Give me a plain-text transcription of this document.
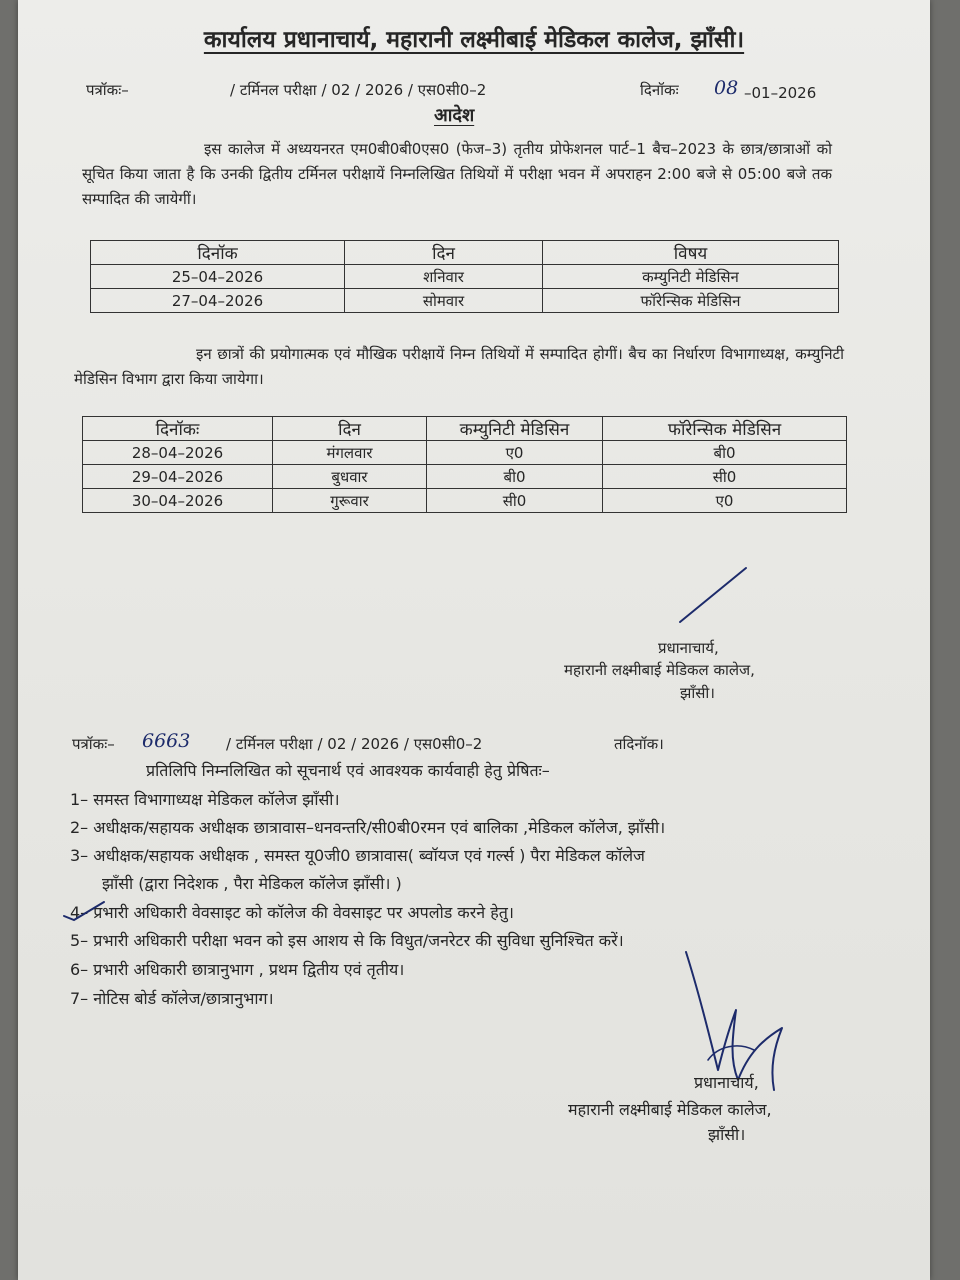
कार्यालय प्रधानाचार्य, महारानी लक्ष्मीबाई मेडिकल कालेज, झाँसी।
पत्रॉकः–	/ टर्मिनल परीक्षा / 02 / 2026 / एस0सी0–2	दिनॉकः 08 –01–2026
आदेश
इस कालेज में अध्ययनरत एम0बी0बी0एस0 (फेज–3) तृतीय प्रोफेशनल पार्ट–1 बैच–2023 के छात्र/छात्राओं को सूचित किया जाता है कि उनकी द्वितीय टर्मिनल परीक्षायें निम्नलिखित तिथियों में परीक्षा भवन में अपराहन 2:00 बजे से 05:00 बजे तक सम्पादित की जायेगीं।
दिनॉक	दिन	विषय
25–04–2026	शनिवार	कम्युनिटी मेडिसिन
27–04–2026	सोमवार	फॉरेन्सिक मेडिसिन
इन छात्रों की प्रयोगात्मक एवं मौखिक परीक्षायें निम्न तिथियों में सम्पादित होगीं। बैच का निर्धारण विभागाध्यक्ष, कम्युनिटी मेडिसिन विभाग द्वारा किया जायेगा।
दिनॉकः	दिन	कम्युनिटी मेडिसिन	फॉरेन्सिक मेडिसिन
28–04–2026	मंगलवार	ए0	बी0
29–04–2026	बुधवार	बी0	सी0
30–04–2026	गुरूवार	सी0	ए0
प्रधानाचार्य,
महारानी लक्ष्मीबाई मेडिकल कालेज,
झाँसी।
पत्रॉकः– 6663 / टर्मिनल परीक्षा / 02 / 2026 / एस0सी0–2	तदिनॉक।
प्रतिलिपि निम्नलिखित को सूचनार्थ एवं आवश्यक कार्यवाही हेतु प्रेषितः–
1– समस्त विभागाध्यक्ष मेडिकल कॉलेज झाँसी।
2– अधीक्षक/सहायक अधीक्षक छात्रावास–धनवन्तरि/सी0बी0रमन एवं बालिका ,मेडिकल कॉलेज, झाँसी।
3– अधीक्षक/सहायक अधीक्षक , समस्त यू0जी0 छात्रावास( ब्वॉयज एवं गर्ल्स ) पैरा मेडिकल कॉलेज
झाँसी (द्वारा निदेशक , पैरा मेडिकल कॉलेज झाँसी। )
4– प्रभारी अधिकारी वेवसाइट को कॉलेज की वेवसाइट पर अपलोड करने हेतु।
5– प्रभारी अधिकारी परीक्षा भवन को इस आशय से कि विधुत/जनरेटर की सुविधा सुनिश्चित करें।
6– प्रभारी अधिकारी छात्रानुभाग , प्रथम द्वितीय एवं तृतीय।
7– नोटिस बोर्ड कॉलेज/छात्रानुभाग।
प्रधानाचार्य,
महारानी लक्ष्मीबाई मेडिकल कालेज,
झाँसी।
